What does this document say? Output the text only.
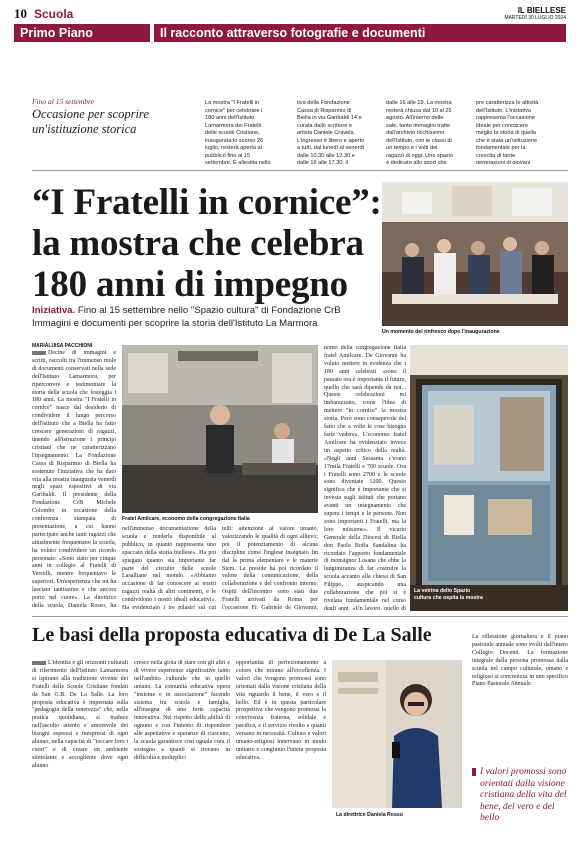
10 Scuola	IL BIELLESE
MARTEDÌ 30 LUGLIO 2024
Primo Piano	Il racconto attraverso fotografie e documenti
Fino al 15 settembre
Occasione per scoprire un'istituzione storica
La mostra "I Fratelli in cornice" per celebrare i 180 anni dell'Istituto Lamarmora dei Fratelli delle scuole Cristiane, inaugurata lo scorso 26 luglio, resterà aperta al pubblico fino al 15 settembre. È allestita nello
tiva della Fondazione Cassa di Risparmio di Biella in via Garibaldi 14 e curata dallo scrittore e artista Daniele Cravela. L'ingresso è libero e aperto a tutti, dal lunedì al venerdì dalle 10.30 alle 12.30 e dalle 16 alle 17.30; il
dalle 16 alle 19. La mostra resterà chiusa dal 10 al 25 agosto. All'interno delle sale, tante immagini tratte dall'archivio ricchissimo dell'Istituto, con le classi di un tempo e i volti dei ragazzi di oggi. Uno spazio è dedicato allo sport che
pre caratterizza le attività dell'Istituto. L'iniziativa rappresenta l'occasione ideale per conoscere meglio la storia di quella che è stata un'istituzione fondamentale per la crescita di tante generazioni di giovani
“I Fratelli in cornice”:
la mostra che celebra
180 anni di impegno
Iniziativa. Fino al 15 settembre nello "Spazio cultura" di Fondazione CrB Immagini e documenti per scoprire la storia dell'Istituto La Marmora
Un momento del rinfresco dopo l'inaugurazione
MARIALUISA PACCHIONI
Decine di immagini e scritti, raccolti tra l'immenso mole di documenti conservati nella sede dell'Istituto Lamarmora, per ripercorrere e testimoniare la storia della scuola che festeggia i 180 anni. La mostra "I Fratelli in cornice" nasce dal desiderio di condividere il lungo percorso dell'istituto che a Biella ha fatto crescere generazioni di ragazzi, unendo all'istruzione i principi cristiani che ne caratterizzano l'insegnamento. La Fondazione Cassa di Risparmio di Biella ha sostenuto l'iniziativa che ha dato vita alla mostra inaugurata venerdì negli spazi espositivi di via Garibaldi. Il presidente della Fondazione CrB Michele Colombo in occasione della conferenza stampata di presentazione, a cui hanno partecipato anche tanti ragazzi che attualmente frequentano la scuola, ha voluto condividere un ricordo personale: «Sono stato per cinque anni in collegio al Fratelli di Vercelli, mentre frequentavo le superiori. Un'esperienza che mi ha lasciato tantissimo e che ancora porto nel cuore». La direttrice della scuola, Daniela Rosso, ha
Fratel Amilcare, economo della congregazione Italia
nell'immenso documentazione della scuola e renderla disponibile al pubblico, in quanto rappresenta uno spaccato della storia biellese». Ha poi spiegato quanto sia importante far parte del circuito delle scuole Lasalliane nel mondo. «Abbiamo occasione di far conoscere ai nostri ragazzi realtà di altri continenti, e le condividono i nostri ideali educativi». Ha evidenziato i tre pilastri sui cui
telli: attenzione al valore umano, valorizzando le qualità di ogni allievo; poi il potenziamento di alcune discipline come l'inglese insegnato fin dal la prima elementare e le materie Stem. La preside ha poi ricordato il valore della comunicazione, della collaborazione e del confronto interno. Ospiti dell'incontro sono stati due Fratelli arrivati da Roma per l'occasione Fr. Gabriele de Giovanni,
nomo della congregazione Italia fratel Amilcare. De Giovanni ha voluto mettere in evidenza che i 180 anni celebrati «sono il passato ora è importante il futuro, quello che sarà dipende da noi... Queste celebrazioni mi imbarazzano, come l'idea di mettere "in cornice" la mostra storia. Però sono consapevole del fatto che a volte le cose bisogna farle vedere». L'economo fratel Amilcare ha evidenziato invece un aspetto critico della realtà. «Negli anni Sessanta c'erano 17mila Fratelli e 700 scuole. Ora i Fratelli sono 2700 e le scuole sono diventate 1200. Questo significa che è importante che si investa sugli istituti che portano avanti un insegnamento che supera i tempi e le persone. Non sono importanti i Fratelli, ma la loro missione». Il vicario Generale della Diocesi di Biella don Paolo Boffa Sandalina ha ricordato l'apporto fondamentale di monsignor Losana che ebbe la lungimiranza di far costruire la scuola accanto alla chiesa di San Filippo, auspicando una collaborazione che poi si è rivelata fondamentale nel corso degli anni. «Un lavoro, quello di
La vetrina dello Spazio cultura che ospita la mostra
Le basi della proposta educativa di De La Salle
L'identità e gli orizzonti culturali di riferimento dell'Istituto Lamarmora si ispirano alla tradizione vivente dei Fratelli delle Scuole Cristiane fondati da San G.B. De La Salle. La loro proposta educativa è impernata sulla "pedagogia della tenerezza" che, nella pratica quotidiana, si traduce nell'ascolto attento e amorevole dei bisogni espressi e inespressi di ogni alunno, nella capacità di "toccare loro i cuori" e di creare un ambiente stimolante e accogliente dove ogni alunno
cresce nella gioia di stare con gli altri e di vivere esperienze significative tanto nell'ambito culturale che in quello umano. La comunità educativa opera "insieme e in associazione" facendo sistema tra scuola e famiglia, all'insegna di una forte capacità innovativa. Nel rispetto delle abilità di ognuno e con l'intento di rispondere alle aspettative e speranze di ciascuno, la scuola garantisce così uguale cura il sostegno a quanti si trovano in difficoltà e molteplici
opportunità di perfezionamento a coloro che mirano all'eccellenza. I valori che vengono promossi sono orientati dalla visione cristiana della vita riguardo il bene, il vero e il bello. Ed è in questa particolare prospettiva che vengono promossi la convivenza fraterna, solidale e pacifica, e il servizio rivolto a quanti versano in necessità. Cultura e valori umano-religiosi innervano in modo unitario e congiunto l'intera proposta educativa.
La direttrice Daniela Rosso
La riflessione giornaliera e il piano pastorale annuale sono svolti dall'intero Collegio Docenti. La formazione integrale della persona promossa dalla scuola nel campo culturale, umano e religioso si concretizza in uno specifico Piano Pastorale Annuale.
I valori promossi sono orientati dalla visione cristiana della vita del bene, del vero e del bello
